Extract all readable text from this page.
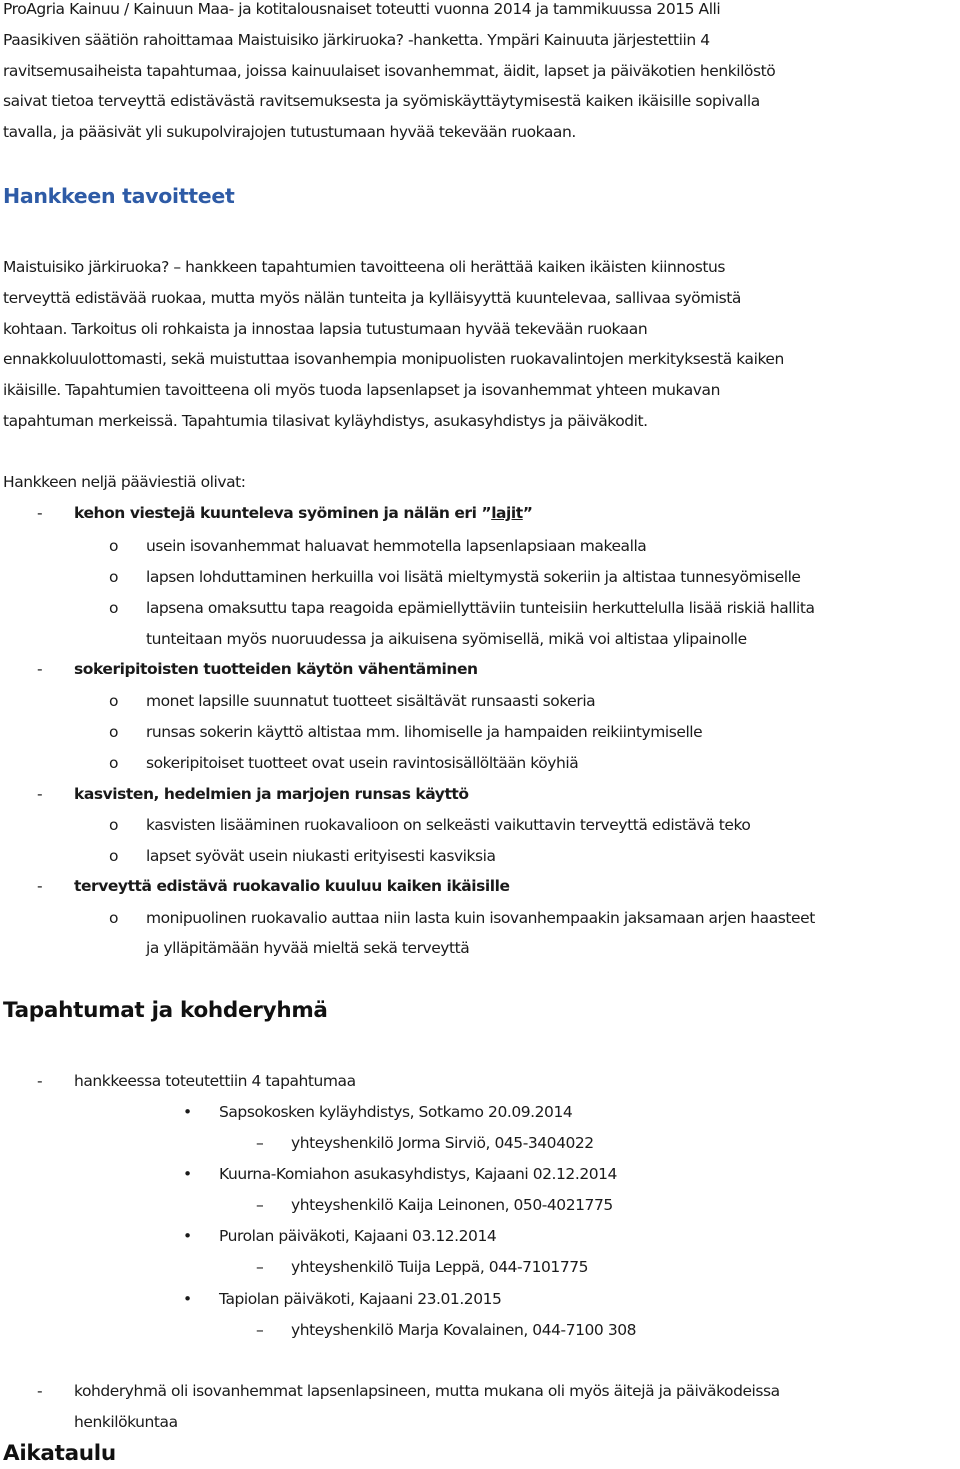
ProAgria Kainuu / Kainuun Maa- ja kotitalousnaiset toteutti vuonna 2014 ja tammikuussa 2015 Alli
Paasikiven säätiön rahoittamaa Maistuisiko järkiruoka? -hanketta. Ympäri Kainuuta järjestettiin 4
ravitsemusaiheista tapahtumaa, joissa kainuulaiset isovanhemmat, äidit, lapset ja päiväkotien henkilöstö
saivat tietoa terveyttä edistävästä ravitsemuksesta ja syömiskäyttäytymisestä kaiken ikäisille sopivalla
tavalla, ja pääsivät yli sukupolvirajojen tutustumaan hyvää tekevään ruokaan.
Hankkeen tavoitteet
Maistuisiko järkiruoka? – hankkeen tapahtumien tavoitteena oli herättää kaiken ikäisten kiinnostus
terveyttä edistävää ruokaa, mutta myös nälän tunteita ja kylläisyyttä kuuntelevaa, sallivaa syömistä
kohtaan. Tarkoitus oli rohkaista ja innostaa lapsia tutustumaan hyvää tekevään ruokaan
ennakkoluulottomasti, sekä muistuttaa isovanhempia monipuolisten ruokavalintojen merkityksestä kaiken
ikäisille. Tapahtumien tavoitteena oli myös tuoda lapsenlapset ja isovanhemmat yhteen mukavan
tapahtuman merkeissä. Tapahtumia tilasivat kyläyhdistys, asukasyhdistys ja päiväkodit.
Hankkeen neljä pääviestiä olivat:
- kehon viestejä kuunteleva syöminen ja nälän eri ”lajit”
o usein isovanhemmat haluavat hemmotella lapsenlapsiaan makealla
o lapsen lohduttaminen herkuilla voi lisätä mieltymystä sokeriin ja altistaa tunnesyömiselle
o lapsena omaksuttu tapa reagoida epämiellyttäviin tunteisiin herkuttelulla lisää riskiä hallita
tunteitaan myös nuoruudessa ja aikuisena syömisellä, mikä voi altistaa ylipainolle
- sokeripitoisten tuotteiden käytön vähentäminen
o monet lapsille suunnatut tuotteet sisältävät runsaasti sokeria
o runsas sokerin käyttö altistaa mm. lihomiselle ja hampaiden reikiintymiselle
o sokeripitoiset tuotteet ovat usein ravintosisällöltään köyhiä
- kasvisten, hedelmien ja marjojen runsas käyttö
o kasvisten lisääminen ruokavalioon on selkeästi vaikuttavin terveyttä edistävä teko
o lapset syövät usein niukasti erityisesti kasviksia
- terveyttä edistävä ruokavalio kuuluu kaiken ikäisille
o monipuolinen ruokavalio auttaa niin lasta kuin isovanhempaakin jaksamaan arjen haasteet
ja ylläpitämään hyvää mieltä sekä terveyttä
Tapahtumat ja kohderyhmä
- hankkeessa toteutettiin 4 tapahtumaa
• Sapsokosken kyläyhdistys, Sotkamo 20.09.2014
– yhteyshenkilö Jorma Sirviö, 045-3404022
• Kuurna-Komiahon asukasyhdistys, Kajaani 02.12.2014
– yhteyshenkilö Kaija Leinonen, 050-4021775
• Purolan päiväkoti, Kajaani 03.12.2014
– yhteyshenkilö Tuija Leppä, 044-7101775
• Tapiolan päiväkoti, Kajaani 23.01.2015
– yhteyshenkilö Marja Kovalainen, 044-7100 308
- kohderyhmä oli isovanhemmat lapsenlapsineen, mutta mukana oli myös äitejä ja päiväkodeissa
henkilökuntaa
Aikataulu
